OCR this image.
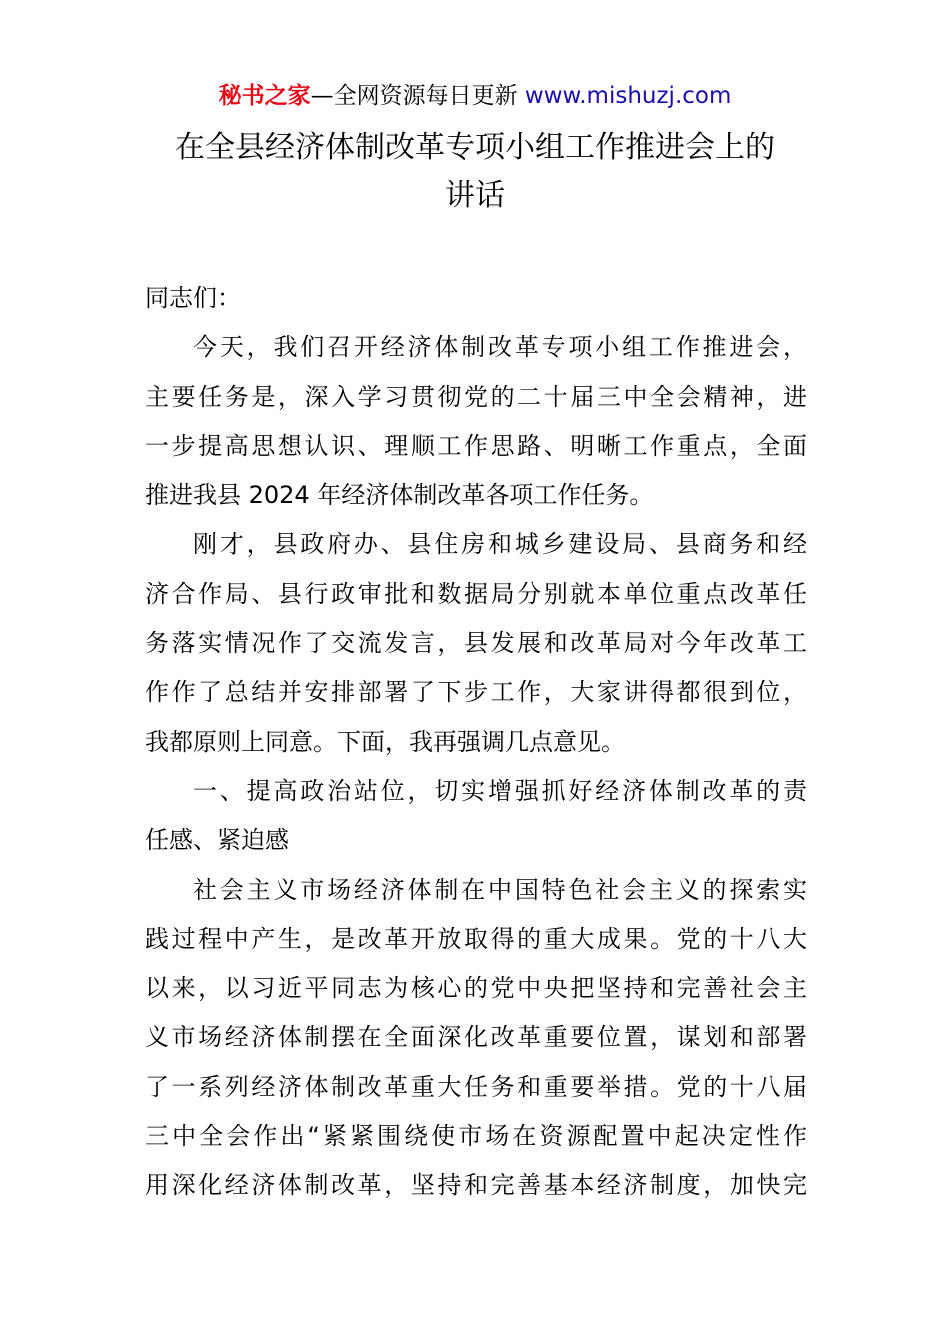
秘书之家—全网资源每日更新 www.mishuzj.com
在全县经济体制改革专项小组工作推进会上的
讲话
同志们：
今天，我们召开经济体制改革专项小组工作推进会，
主要任务是，深入学习贯彻党的二十届三中全会精神，进
一步提高思想认识、理顺工作思路、明晰工作重点，全面
推进我县 2024 年经济体制改革各项工作任务。
刚才，县政府办、县住房和城乡建设局、县商务和经
济合作局、县行政审批和数据局分别就本单位重点改革任
务落实情况作了交流发言，县发展和改革局对今年改革工
作作了总结并安排部署了下步工作，大家讲得都很到位，
我都原则上同意。下面，我再强调几点意见。
一、提高政治站位，切实增强抓好经济体制改革的责
任感、紧迫感
社会主义市场经济体制在中国特色社会主义的探索实
践过程中产生，是改革开放取得的重大成果。党的十八大
以来，以习近平同志为核心的党中央把坚持和完善社会主
义市场经济体制摆在全面深化改革重要位置，谋划和部署
了一系列经济体制改革重大任务和重要举措。党的十八届
三中全会作出“紧紧围绕使市场在资源配置中起决定性作
用深化经济体制改革，坚持和完善基本经济制度，加快完
